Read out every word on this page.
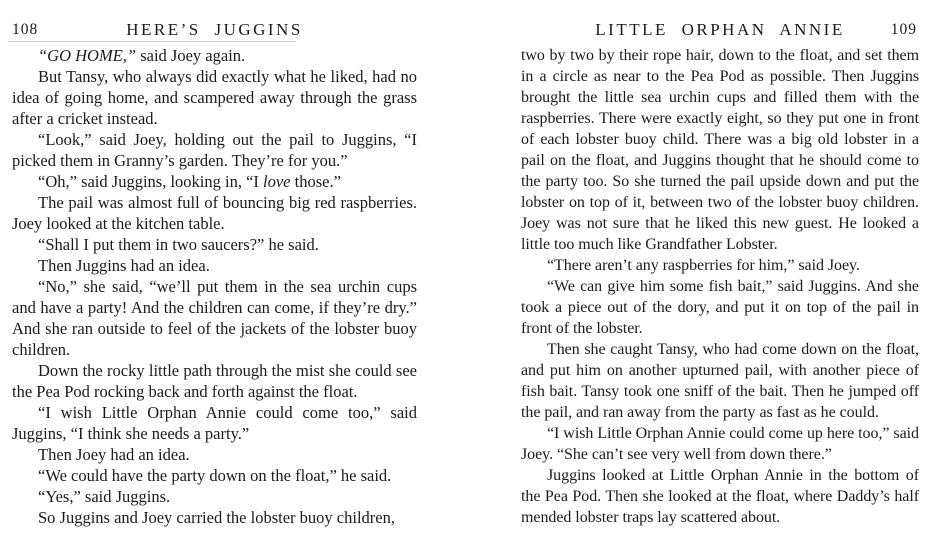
108	HERE’S JUGGINS

“GO HOME,” said Joey again.

But Tansy, who always did exactly what he liked, had no idea of going home, and scampered away through the grass after a cricket instead.

“Look,” said Joey, holding out the pail to Juggins, “I picked them in Granny’s garden. They’re for you.”

“Oh,” said Juggins, looking in, “I love those.”

The pail was almost full of bouncing big red raspberries. Joey looked at the kitchen table.

“Shall I put them in two saucers?” he said.

Then Juggins had an idea.

“No,” she said, “we’ll put them in the sea urchin cups and have a party! And the children can come, if they’re dry.” And she ran outside to feel of the jackets of the lobster buoy children.

Down the rocky little path through the mist she could see the Pea Pod rocking back and forth against the float.

“I wish Little Orphan Annie could come too,” said Juggins, “I think she needs a party.”

Then Joey had an idea.

“We could have the party down on the float,” he said.

“Yes,” said Juggins.

So Juggins and Joey carried the lobster buoy children,

109
LITTLE ORPHAN ANNIE

two by two by their rope hair, down to the float, and set them in a circle as near to the Pea Pod as possible. Then Juggins brought the little sea urchin cups and filled them with the raspberries. There were exactly eight, so they put one in front of each lobster buoy child. There was a big old lobster in a pail on the float, and Juggins thought that he should come to the party too. So she turned the pail upside down and put the lobster on top of it, between two of the lobster buoy children. Joey was not sure that he liked this new guest. He looked a little too much like Grandfather Lobster.

“There aren’t any raspberries for him,” said Joey.

“We can give him some fish bait,” said Juggins. And she took a piece out of the dory, and put it on top of the pail in front of the lobster.

Then she caught Tansy, who had come down on the float, and put him on another upturned pail, with another piece of fish bait. Tansy took one sniff of the bait. Then he jumped off the pail, and ran away from the party as fast as he could.

“I wish Little Orphan Annie could come up here too,” said Joey. “She can’t see very well from down there.”

Juggins looked at Little Orphan Annie in the bottom of the Pea Pod. Then she looked at the float, where Daddy’s half mended lobster traps lay scattered about.
